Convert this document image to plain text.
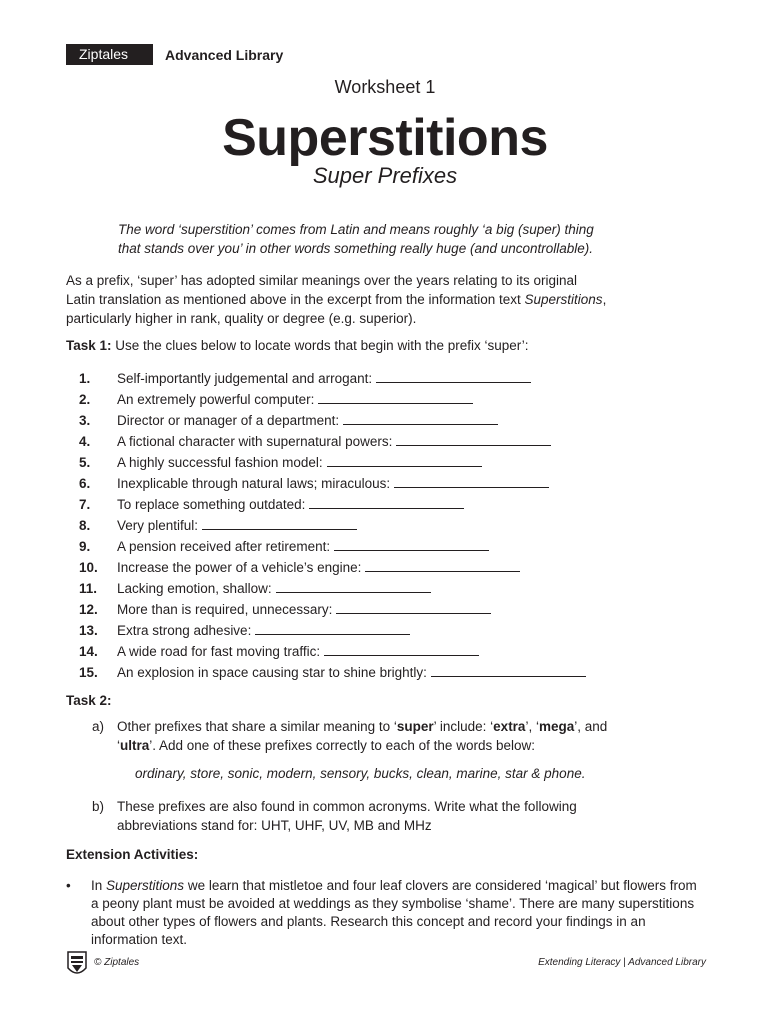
Ziptales	Advanced Library
Worksheet 1
Superstitions
Super Prefixes
The word ‘superstition’ comes from Latin and means roughly ‘a big (super) thing
that stands over you’ in other words something really huge (and uncontrollable).
As a prefix, ‘super’ has adopted similar meanings over the years relating to its original
Latin translation as mentioned above in the excerpt from the information text Superstitions,
particularly higher in rank, quality or degree (e.g. superior).
Task 1: Use the clues below to locate words that begin with the prefix ‘super’:
1.	Self-importantly judgemental and arrogant:
2.	An extremely powerful computer:
3.	Director or manager of a department:
4.	A fictional character with supernatural powers:
5.	A highly successful fashion model:
6.	Inexplicable through natural laws; miraculous:
7.	To replace something outdated:
8.	Very plentiful:
9.	A pension received after retirement:
10.	Increase the power of a vehicle’s engine:
11.	Lacking emotion, shallow:
12.	More than is required, unnecessary:
13.	Extra strong adhesive:
14.	A wide road for fast moving traffic:
15.	An explosion in space causing star to shine brightly:
Task 2:
a) Other prefixes that share a similar meaning to ‘super’ include: ‘extra’, ‘mega’, and
‘ultra’. Add one of these prefixes correctly to each of the words below:
ordinary, store, sonic, modern, sensory, bucks, clean, marine, star & phone.
b) These prefixes are also found in common acronyms. Write what the following
abbreviations stand for: UHT, UHF, UV, MB and MHz
Extension Activities:
•	In Superstitions we learn that mistletoe and four leaf clovers are considered ‘magical’ but flowers from a peony plant must be avoided at weddings as they symbolise ‘shame’. There are many superstitions about other types of flowers and plants. Research this concept and record your findings in an information text.
© Ziptales	Extending Literacy | Advanced Library
